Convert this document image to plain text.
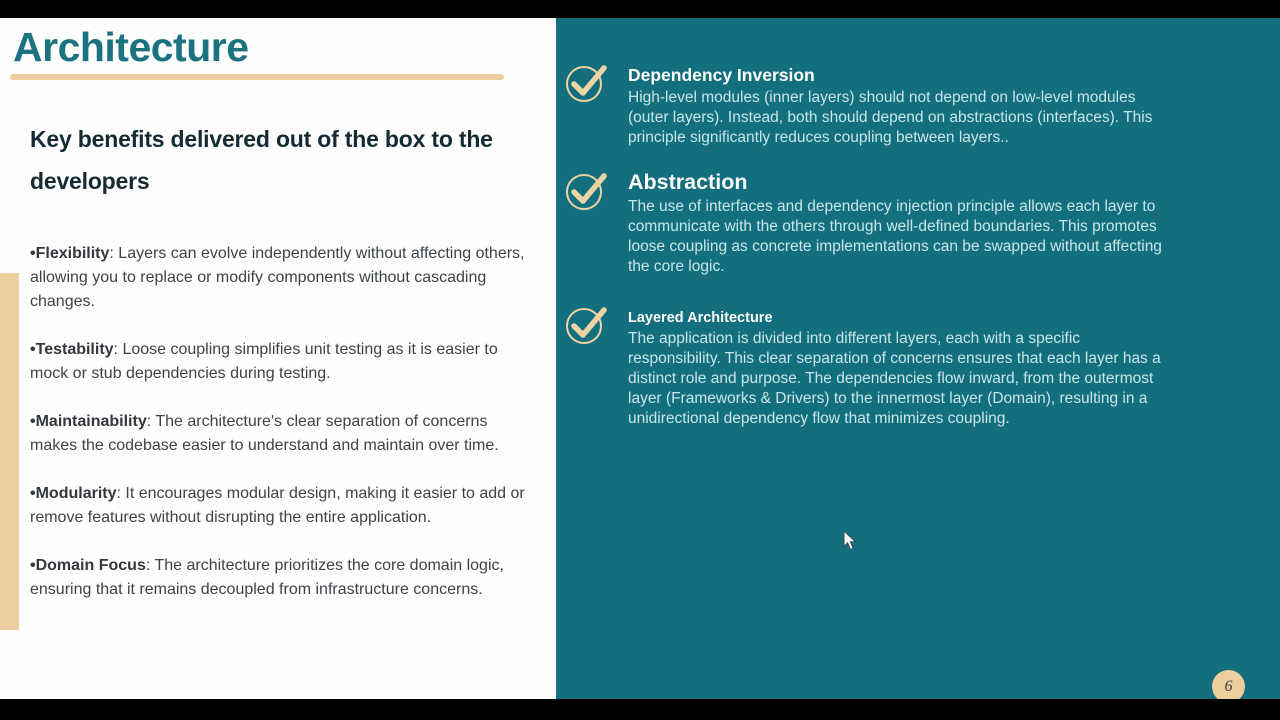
Architecture
Key benefits delivered out of the box to the developers

•Flexibility: Layers can evolve independently without affecting others, allowing you to replace or modify components without cascading changes.

•Testability: Loose coupling simplifies unit testing as it is easier to mock or stub dependencies during testing.

•Maintainability: The architecture's clear separation of concerns makes the codebase easier to understand and maintain over time.

•Modularity: It encourages modular design, making it easier to add or remove features without disrupting the entire application.

•Domain Focus: The architecture prioritizes the core domain logic, ensuring that it remains decoupled from infrastructure concerns.

Dependency Inversion

High-level modules (inner layers) should not depend on low-level modules (outer layers). Instead, both should depend on abstractions (interfaces). This principle significantly reduces coupling between layers..

Abstraction

The use of interfaces and dependency injection principle allows each layer to communicate with the others through well-defined boundaries. This promotes loose coupling as concrete implementations can be swapped without affecting the core logic.

Layered Architecture

The application is divided into different layers, each with a specific responsibility. This clear separation of concerns ensures that each layer has a distinct role and purpose. The dependencies flow inward, from the outermost layer (Frameworks & Drivers) to the innermost layer (Domain), resulting in a unidirectional dependency flow that minimizes coupling.

6
